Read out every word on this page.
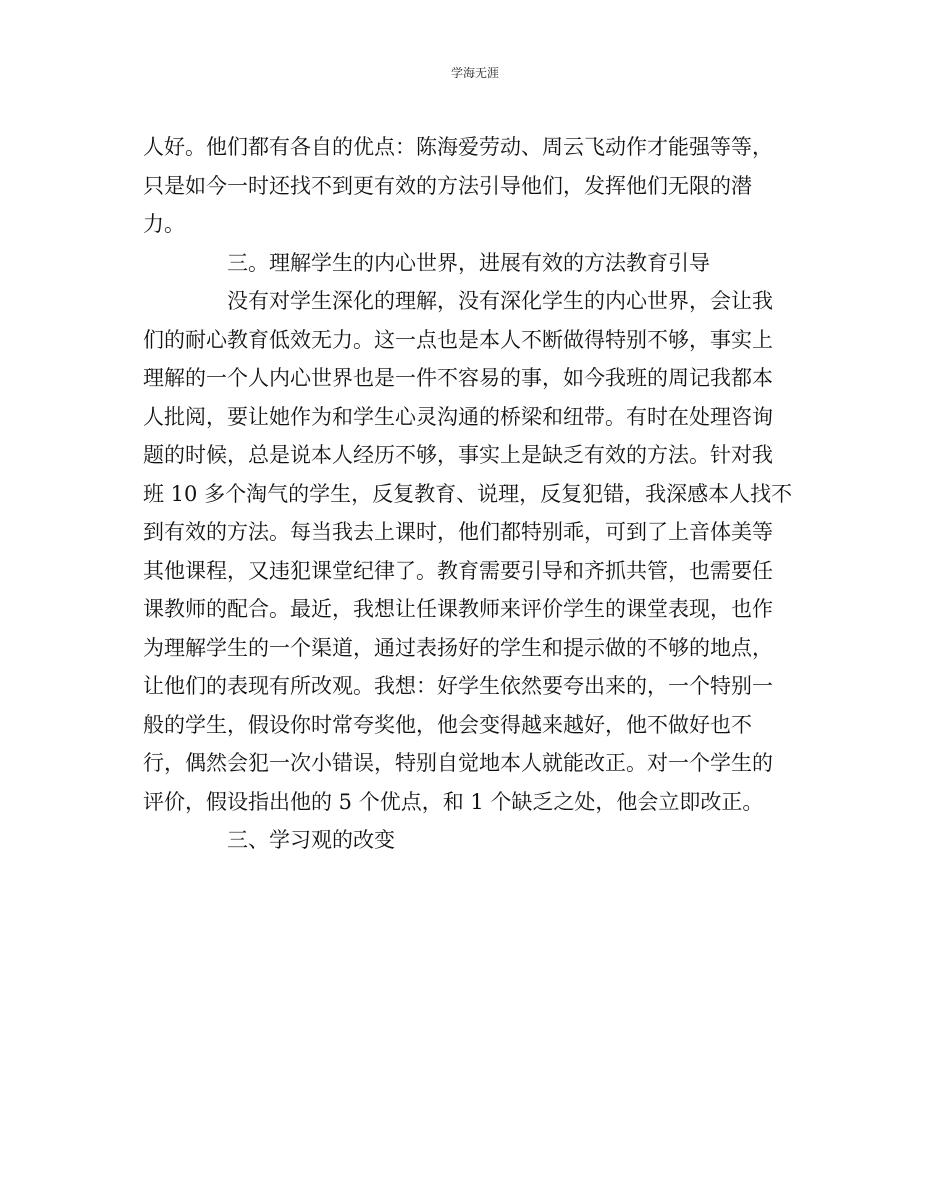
学海无涯
人好。他们都有各自的优点：陈海爱劳动、周云飞动作才能强等等，
只是如今一时还找不到更有效的方法引导他们，发挥他们无限的潜
力。
三。理解学生的内心世界，进展有效的方法教育引导
没有对学生深化的理解，没有深化学生的内心世界，会让我
们的耐心教育低效无力。这一点也是本人不断做得特别不够，事实上
理解的一个人内心世界也是一件不容易的事，如今我班的周记我都本
人批阅，要让她作为和学生心灵沟通的桥梁和纽带。有时在处理咨询
题的时候，总是说本人经历不够，事实上是缺乏有效的方法。针对我
班 10 多个淘气的学生，反复教育、说理，反复犯错，我深感本人找不
到有效的方法。每当我去上课时，他们都特别乖，可到了上音体美等
其他课程，又违犯课堂纪律了。教育需要引导和齐抓共管，也需要任
课教师的配合。最近，我想让任课教师来评价学生的课堂表现，也作
为理解学生的一个渠道，通过表扬好的学生和提示做的不够的地点，
让他们的表现有所改观。我想：好学生依然要夸出来的，一个特别一
般的学生，假设你时常夸奖他，他会变得越来越好，他不做好也不
行，偶然会犯一次小错误，特别自觉地本人就能改正。对一个学生的
评价，假设指出他的 5 个优点，和 1 个缺乏之处，他会立即改正。
三、学习观的改变
